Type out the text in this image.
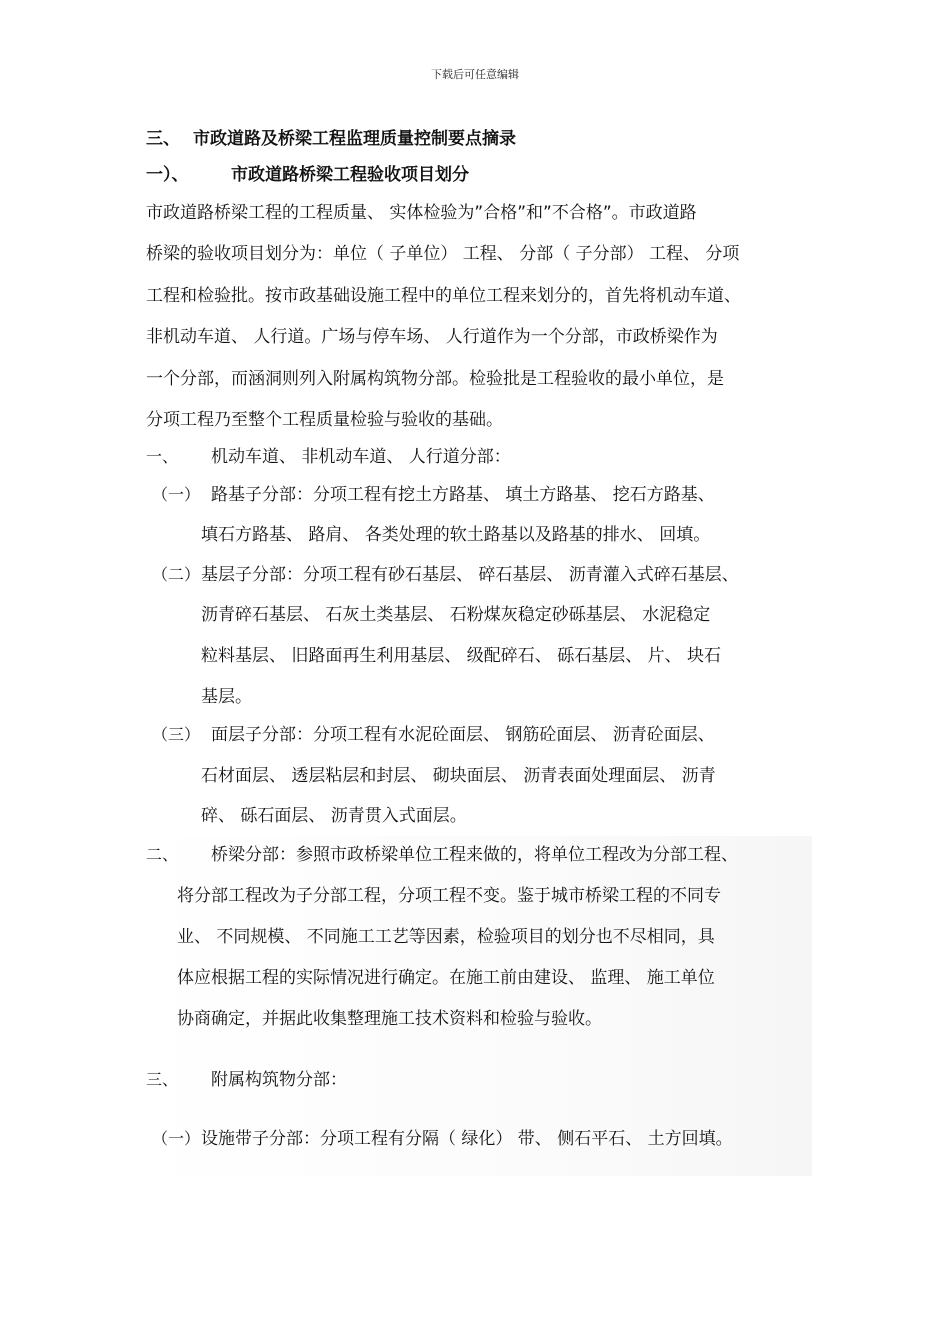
下载后可任意编辑
三、 市政道路及桥梁工程监理质量控制要点摘录
一）、	市政道路桥梁工程验收项目划分
市政道路桥梁工程的工程质量、 实体检验为”合格”和”不合格”。市政道路
桥梁的验收项目划分为：单位（ 子单位） 工程、 分部（ 子分部） 工程、 分项
工程和检验批。按市政基础设施工程中的单位工程来划分的，首先将机动车道、
非机动车道、 人行道。广场与停车场、 人行道作为一个分部，市政桥梁作为
一个分部，而涵洞则列入附属构筑物分部。检验批是工程验收的最小单位，是
分项工程乃至整个工程质量检验与验收的基础。
一、 机动车道、 非机动车道、 人行道分部：
（一） 路基子分部：分项工程有挖土方路基、 填土方路基、 挖石方路基、
填石方路基、 路肩、 各类处理的软土路基以及路基的排水、 回填。
（二） 基层子分部：分项工程有砂石基层、 碎石基层、 沥青灌入式碎石基层、
沥青碎石基层、 石灰土类基层、 石粉煤灰稳定砂砾基层、 水泥稳定
粒料基层、 旧路面再生利用基层、 级配碎石、 砾石基层、 片、 块石
基层。
（三） 面层子分部：分项工程有水泥砼面层、 钢筋砼面层、 沥青砼面层、
石材面层、 透层粘层和封层、 砌块面层、 沥青表面处理面层、 沥青
碎、 砾石面层、 沥青贯入式面层。
二、 桥梁分部：参照市政桥梁单位工程来做的，将单位工程改为分部工程、
将分部工程改为子分部工程，分项工程不变。鉴于城市桥梁工程的不同专
业、 不同规模、 不同施工工艺等因素，检验项目的划分也不尽相同，具
体应根据工程的实际情况进行确定。在施工前由建设、 监理、 施工单位
协商确定，并据此收集整理施工技术资料和检验与验收。
三、 附属构筑物分部：
（一） 设施带子分部：分项工程有分隔（ 绿化） 带、 侧石平石、 土方回填。
